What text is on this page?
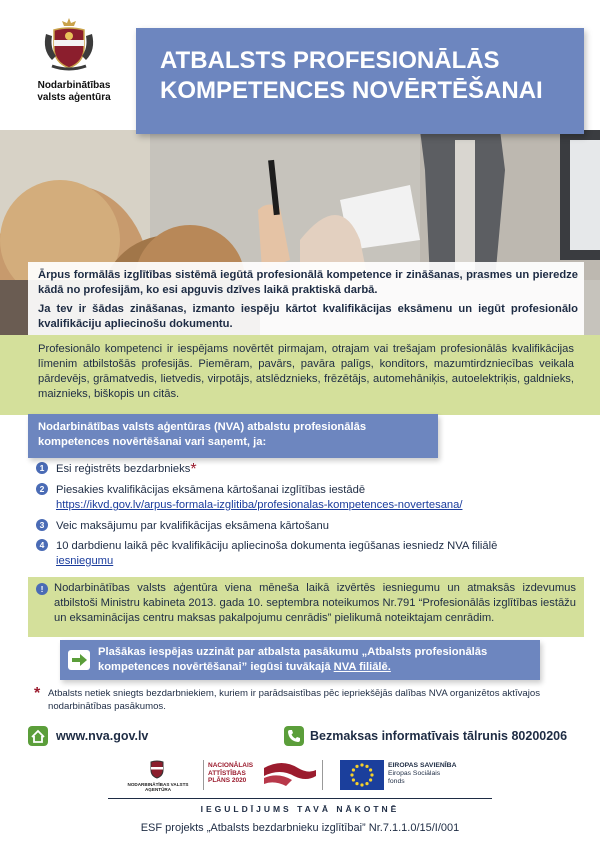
Nodarbinātības
valsts aģentūra
ATBALSTS PROFESIONĀLĀS
KOMPETENCES NOVĒRTĒŠANAI
Ārpus formālās izglītības sistēmā iegūtā profesionālā kompetence ir zināšanas, prasmes un pieredze kādā no profesijām, ko esi apguvis dzīves laikā praktiskā darbā.
Ja tev ir šādas zināšanas, izmanto iespēju kārtot kvalifikācijas eksāmenu un iegūt profesionālo kvalifikāciju apliecinošu dokumentu.
Profesionālo kompetenci ir iespējams novērtēt pirmajam, otrajam vai trešajam profesionālās kvalifikācijas līmenim atbilstošās profesijās. Piemēram, pavārs, pavāra palīgs, konditors, mazumtirdzniecības veikala pārdevējs, grāmatvedis, lietvedis, virpotājs, atslēdznieks, frēzētājs, automehāniķis, autoelektriķis, galdnieks, maiznieks, biškopis un citās.
1	Esi reģistrēts bezdarbnieks*
2	Piesakies kvalifikācijas eksāmena kārtošanai izglītības iestādē
https://ikvd.gov.lv/arpus-formala-izglitiba/profesionalas-kompetences-novertesana/
3	Veic maksājumu par kvalifikācijas eksāmena kārtošanu
4	10 darbdienu laikā pēc kvalifikāciju apliecinoša dokumenta iegūšanas iesniedz NVA filiālē
iesniegumu
Nodarbinātības valsts aģentūras (NVA) atbalstu profesionālās kompetences novērtēšanai vari saņemt, ja:
! Nodarbinātības valsts aģentūra viena mēneša laikā izvērtēs iesniegumu un atmaksās izdevumus atbilstoši Ministru kabineta 2013. gada 10. septembra noteikumos Nr.791 “Profesionālās izglītības iestāžu un eksaminācijas centru maksas pakalpojumu cenrādis” pielikumā noteiktajam cenrādim.
Plašākas iespējas uzzināt par atbalsta pasākumu „Atbalsts profesionālās kompetences novērtēšanai” iegūsi tuvākajā NVA filiālē.
* Atbalsts netiek sniegts bezdarbniekiem, kuriem ir parādsaistības pēc iepriekšējās dalības NVA organizētos aktīvajos nodarbinātības pasākumos.
www.nva.gov.lv	Bezmaksas informatīvais tālrunis 80200206
NODARBINĀTĪBAS VALSTS AĢENTŪRA
NACIONĀLAIS
ATTĪSTĪBAS
PLĀNS 2020
EIROPAS SAVIENĪBA
Eiropas Sociālais
fonds
IEGULDĪJUMS TAVĀ NĀKOTNĒ
ESF projekts „Atbalsts bezdarbnieku izglītībai” Nr.7.1.1.0/15/I/001
